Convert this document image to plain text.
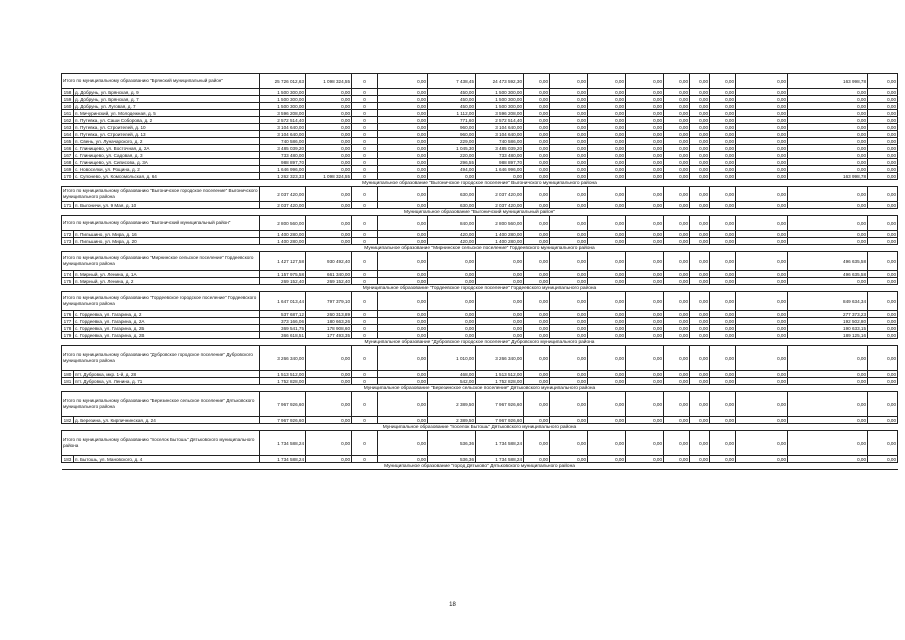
Итого по муниципальному образованию "Брянский муниципальный район"		25 726 012,63	1 098 324,55	0	0,00	7 438,45	24 473 592,30	0,00	0,00	0,00	0,00	0,00	0,00	0,00	0,00	163 998,78	0,00
158	д. Добрунь, ул. Брянская, д. 9	1 500 300,00	0,00	0	0,00	450,00	1 500 300,00	0,00	0,00	0,00	0,00	0,00	0,00	0,00	0,00	0,00	0,00
159	д. Добрунь, ул. Брянская, д. 7	1 500 300,00	0,00	0	0,00	450,00	1 500 300,00	0,00	0,00	0,00	0,00	0,00	0,00	0,00	0,00	0,00	0,00
160	д. Добрунь, ул. Луговая, д. 7	1 500 300,00	0,00	0	0,00	450,00	1 500 300,00	0,00	0,00	0,00	0,00	0,00	0,00	0,00	0,00	0,00	0,00
161	п. Мичуринский, ул. Молодежная, д. 5	3 596 208,00	0,00	0	0,00	1 112,00	3 596 208,00	0,00	0,00	0,00	0,00	0,00	0,00	0,00	0,00	0,00	0,00
162	п. Путевка, ул. Саши Соборова, д. 2	2 572 514,40	0,00	0	0,00	771,60	2 572 514,40	0,00	0,00	0,00	0,00	0,00	0,00	0,00	0,00	0,00	0,00
163	п. Путевка, ул. Строителей, д. 10	3 104 640,00	0,00	0	0,00	960,00	3 104 640,00	0,00	0,00	0,00	0,00	0,00	0,00	0,00	0,00	0,00	0,00
164	п. Путевка, ул. Строителей, д. 13	3 104 640,00	0,00	0	0,00	960,00	3 104 640,00	0,00	0,00	0,00	0,00	0,00	0,00	0,00	0,00	0,00	0,00
165	п. Свень, ул. Луначарского, д. 2	740 586,00	0,00	0	0,00	229,00	740 586,00	0,00	0,00	0,00	0,00	0,00	0,00	0,00	0,00	0,00	0,00
166	с. Глинищево, ул. Восточная, д. 2А	3 485 039,20	0,00	0	0,00	1 045,30	3 485 039,20	0,00	0,00	0,00	0,00	0,00	0,00	0,00	0,00	0,00	0,00
167	с. Глинищево, ул. Садовая, д. 3	733 480,00	0,00	0	0,00	220,00	733 480,00	0,00	0,00	0,00	0,00	0,00	0,00	0,00	0,00	0,00	0,00
168	с. Глинищево, ул. Сиписова, д. 3А	988 897,70	0,00	0	0,00	296,55	988 897,70	0,00	0,00	0,00	0,00	0,00	0,00	0,00	0,00	0,00	0,00
169	с. Новоселки, ул. Рощина, д. 2	1 646 996,00	0,00	0	0,00	494,00	1 646 996,00	0,00	0,00	0,00	0,00	0,00	0,00	0,00	0,00	0,00	0,00
170	с. Супонево, ул. Комсомольская, д. 64	1 262 323,33	1 098 324,55	0	0,00	0,00	0,00	0,00	0,00	0,00	0,00	0,00	0,00	0,00	0,00	163 998,78	0,00
Муниципальное образование "Выгоничское городское поселение" Выгоничского муниципального района																	
Итого по муниципальному образованию "Выгоничское городское поселение" Выгоничского муниципального района		2 037 420,00	0,00	0	0,00	630,00	2 037 420,00	0,00	0,00	0,00	0,00	0,00	0,00	0,00	0,00	0,00	0,00
171	п. Выгоничи, ул. 9 Мая, д. 10	2 037 420,00	0,00	0	0,00	630,00	2 037 420,00	0,00	0,00	0,00	0,00	0,00	0,00	0,00	0,00	0,00	0,00
Муниципальное образование "Выгоничский муниципальный район"																	
Итого по муниципальному образованию "Выгоничский муниципальный район"		2 800 560,00	0,00	0	0,00	840,00	2 800 560,00	0,00	0,00	0,00	0,00	0,00	0,00	0,00	0,00	0,00	0,00
172	п. Пильшино, ул. Мира, д. 16	1 400 280,00	0,00	0	0,00	420,00	1 400 280,00	0,00	0,00	0,00	0,00	0,00	0,00	0,00	0,00	0,00	0,00
173	п. Пильшино, ул. Мира, д. 20	1 400 280,00	0,00	0	0,00	420,00	1 400 280,00	0,00	0,00	0,00	0,00	0,00	0,00	0,00	0,00	0,00	0,00
Муниципальное образование "Мирнинское сельское поселение" Гордеевского муниципального района																	
Итого по муниципальному образованию "Мирнинское сельское поселение" Гордеевского муниципального района		1 427 127,58	930 492,40	0	0,00	0,00	0,00	0,00	0,00	0,00	0,00	0,00	0,00	0,00	0,00	496 635,58	0,00
174	п. Мирный, ул. Ленина, д. 1А	1 157 975,58	661 340,00	0	0,00	0,00	0,00	0,00	0,00	0,00	0,00	0,00	0,00	0,00	0,00	496 635,58	0,00
175	п. Мирный, ул. Ленина, д. 2	269 152,40	269 152,40	0	0,00	0,00	0,00	0,00	0,00	0,00	0,00	0,00	0,00	0,00	0,00	0,00	0,00
Муниципальное образование "Гордеевское городское поселение" Гордеевского муниципального района																	
Итого по муниципальному образованию "Гордеевское городское поселение" Гордеевского муниципального района		1 647 013,44	797 379,10	0	0,00	0,00	0,00	0,00	0,00	0,00	0,00	0,00	0,00	0,00	0,00	849 634,34	0,00
176	с. Гордеевка, ул. Гагарина, д. 2	537 687,12	260 313,89	0	0,00	0,00	0,00	0,00	0,00	0,00	0,00	0,00	0,00	0,00	0,00	277 373,23	0,00
177	с. Гордеевка, ул. Гагарина, д. 2А	373 166,06	180 663,26	0	0,00	0,00	0,00	0,00	0,00	0,00	0,00	0,00	0,00	0,00	0,00	192 502,80	0,00
178	с. Гордеевка, ул. Гагарина, д. 2Б	369 541,75	178 908,60	0	0,00	0,00	0,00	0,00	0,00	0,00	0,00	0,00	0,00	0,00	0,00	190 633,15	0,00
179	с. Гордеевка, ул. Гагарина, д. 2В	366 618,51	177 493,35	0	0,00	0,00	0,00	0,00	0,00	0,00	0,00	0,00	0,00	0,00	0,00	189 125,16	0,00
Муниципальное образование "Дубровское городское поселение" Дубровского муниципального района																	
Итого по муниципальному образованию "Дубровское городское поселение" Дубровского муниципального района		3 266 340,00	0,00	0	0,00	1 010,00	3 266 340,00	0,00	0,00	0,00	0,00	0,00	0,00	0,00	0,00	0,00	0,00
180	пгт. Дубровка, мкр. 1-й, д. 28	1 513 512,00	0,00	0	0,00	468,00	1 513 512,00	0,00	0,00	0,00	0,00	0,00	0,00	0,00	0,00	0,00	0,00
181	пгт. Дубровка, ул. Ленина, д. 71	1 752 828,00	0,00	0	0,00	542,00	1 752 828,00	0,00	0,00	0,00	0,00	0,00	0,00	0,00	0,00	0,00	0,00
Муниципальное образование "Березинское сельское поселение" Дятьковского муниципального района																	
Итого по муниципальному образованию "Березинское сельское поселение" Дятьковского муниципального района		7 967 926,60	0,00	0	0,00	2 389,50	7 967 926,60	0,00	0,00	0,00	0,00	0,00	0,00	0,00	0,00	0,00	0,00
182	д. Березина, ул. Кирпичнинская, д. 24	7 967 926,60	0,00	0	0,00	2 389,50	7 967 926,60	0,00	0,00	0,00	0,00	0,00	0,00	0,00	0,00	0,00	0,00
Муниципальное образование "поселок Бытошь" Дятьковского муниципального района																	
Итого по муниципальному образованию "поселок Бытошь" Дятьковского муниципального района		1 734 588,24	0,00	0	0,00	536,36	1 734 588,24	0,00	0,00	0,00	0,00	0,00	0,00	0,00	0,00	0,00	0,00
183	п. Бытошь, ул. Мановского, д. 4	1 734 588,24	0,00	0	0,00	536,36	1 734 588,24	0,00	0,00	0,00	0,00	0,00	0,00	0,00	0,00	0,00	0,00
Муниципальное образование "город Дятьково" Дятьковского муниципального района																	
18
